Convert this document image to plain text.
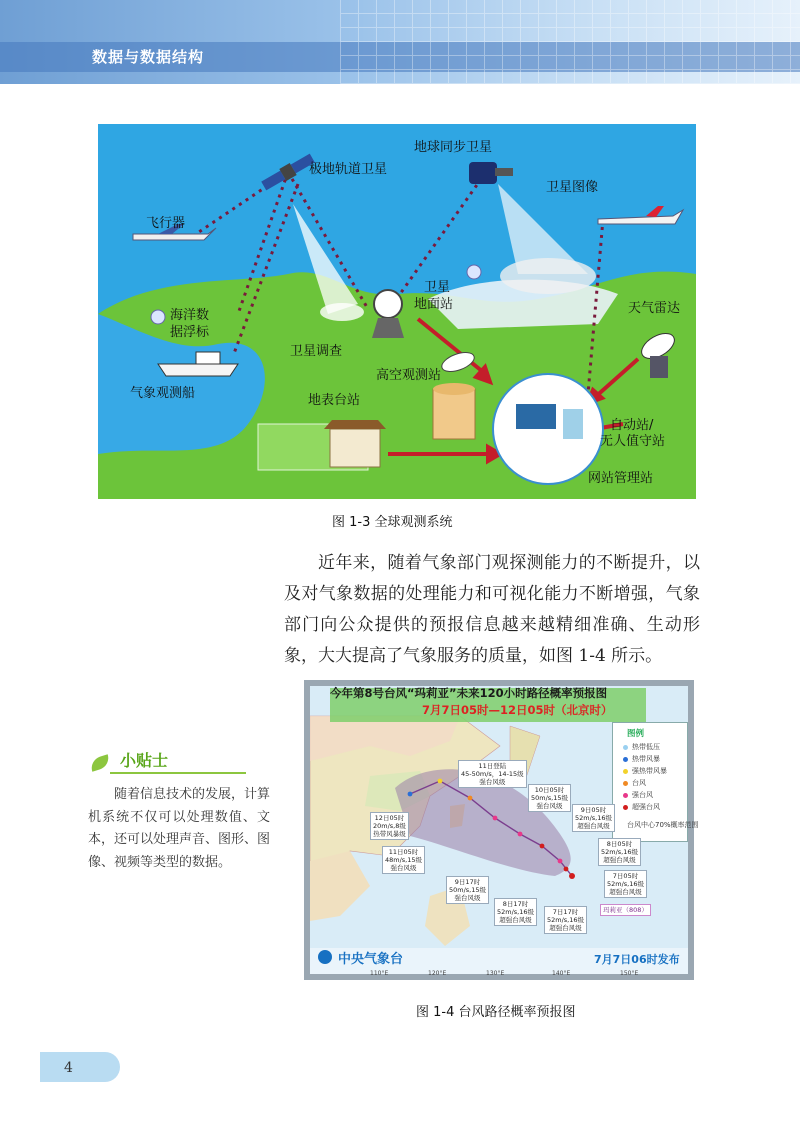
数据与数据结构
极地轨道卫星
地球同步卫星
卫星图像
飞行器
海洋数
据浮标
卫星
地面站	天气雷达
卫星调查
气象观测船
高空观测站
地表台站
自动站/
无人值守站
网站管理站
图 1-3 全球观测系统
近年来，随着气象部门观探测能力的不断提升，以及对气象数据的处理能力和可视化能力不断增强，气象部门向公众提供的预报信息越来越精细准确、生动形象，大大提高了气象服务的质量，如图 1-4 所示。
小贴士
随着信息技术的发展，计算机系统不仅可以处理数值、文本，还可以处理声音、图形、图像、视频等类型的数据。
今年第8号台风“玛莉亚”未来120小时路径概率预报图
7月7日05时—12日05时（北京时）
图例
热带低压
热带风暴
强热带风暴
台风
强台风
超强台风
台风中心70%概率范围
11日登陆
45-50m/s，14-15级
强台风级
10日05时
50m/s,15级
强台风级
12日05时
20m/s,8级
热带风暴级
9日05时
52m/s,16级
超强台风级
8日05时
52m/s,16级
超强台风级
11日05时
48m/s,15级
强台风级
7日05时
52m/s,16级
超强台风级
9日17时
50m/s,15级
强台风级
8日17时
52m/s,16级
超强台风级
7日17时
52m/s,16级
超强台风级
玛莉亚（808）
中央气象台	7月7日06时发布
110°E	120°E	130°E	140°E	150°E
图 1-4 台风路径概率预报图
4
